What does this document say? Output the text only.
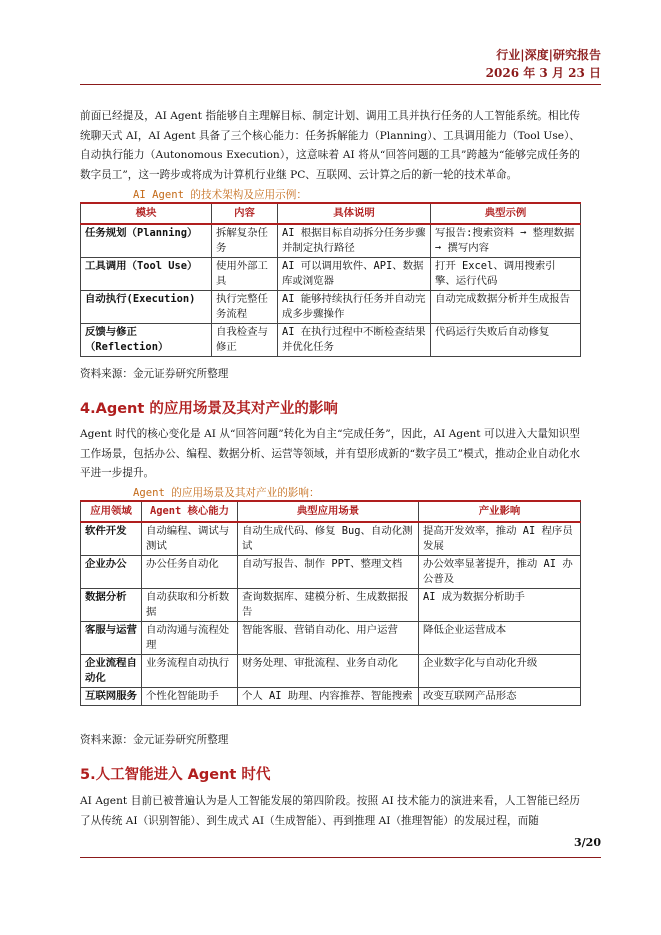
行业|深度|研究报告
2026 年 3 月 23 日
前面已经提及，AI Agent 指能够自主理解目标、制定计划、调用工具并执行任务的人工智能系统。相比传统聊天式 AI，AI Agent 具备了三个核心能力：任务拆解能力（Planning）、工具调用能力（Tool Use）、自动执行能力（Autonomous Execution），这意味着 AI 将从“回答问题的工具”跨越为“能够完成任务的数字员工”，这一跨步或将成为计算机行业继 PC、互联网、云计算之后的新一轮的技术革命。
AI Agent 的技术架构及应用示例：
模块	内容	具体说明	典型示例
任务规划（Planning）	拆解复杂任务	AI 根据目标自动拆分任务步骤并制定执行路径	写报告:搜索资料 ➞ 整理数据 ➞ 撰写内容
工具调用（Tool Use）	使用外部工具	AI 可以调用软件、API、数据库或浏览器	打开 Excel、调用搜索引擎、运行代码
自动执行(Execution)	执行完整任务流程	AI 能够持续执行任务并自动完成多步骤操作	自动完成数据分析并生成报告
反馈与修正（Reflection）	自我检查与修正	AI 在执行过程中不断检查结果并优化任务	代码运行失败后自动修复
资料来源：金元证券研究所整理
4.Agent 的应用场景及其对产业的影响
Agent 时代的核心变化是 AI 从“回答问题”转化为自主“完成任务”，因此，AI Agent 可以进入大量知识型工作场景，包括办公、编程、数据分析、运营等领域，并有望形成新的“数字员工”模式，推动企业自动化水平进一步提升。
Agent 的应用场景及其对产业的影响：
应用领域	Agent 核心能力	典型应用场景	产业影响
软件开发	自动编程、调试与测试	自动生成代码、修复 Bug、自动化测试	提高开发效率，推动 AI 程序员发展
企业办公	办公任务自动化	自动写报告、制作 PPT、整理文档	办公效率显著提升，推动 AI 办公普及
数据分析	自动获取和分析数据	查询数据库、建模分析、生成数据报告	AI 成为数据分析助手
客服与运营	自动沟通与流程处理	智能客服、营销自动化、用户运营	降低企业运营成本
企业流程自动化	业务流程自动执行	财务处理、审批流程、业务自动化	企业数字化与自动化升级
互联网服务	个性化智能助手	个人 AI 助理、内容推荐、智能搜索	改变互联网产品形态
资料来源：金元证券研究所整理
5.人工智能进入 Agent 时代
AI Agent 目前已被普遍认为是人工智能发展的第四阶段。按照 AI 技术能力的演进来看，人工智能已经历了从传统 AI（识别智能）、到生成式 AI（生成智能）、再到推理 AI（推理智能）的发展过程，而随
3/20
